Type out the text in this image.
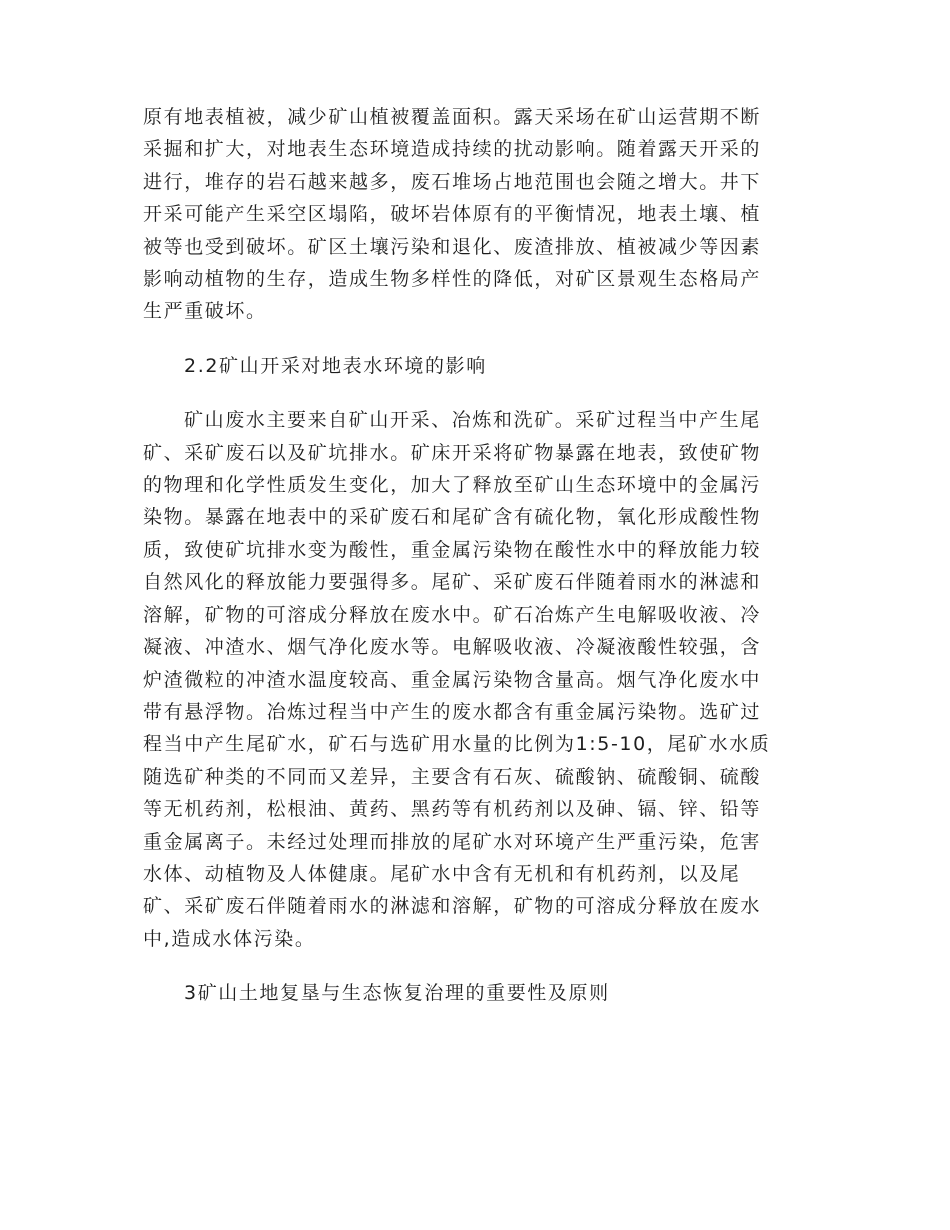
原有地表植被，减少矿山植被覆盖面积。露天采场在矿山运营期不断
采掘和扩大，对地表生态环境造成持续的扰动影响。随着露天开采的
进行，堆存的岩石越来越多，废石堆场占地范围也会随之增大。井下
开采可能产生采空区塌陷，破坏岩体原有的平衡情况，地表土壤、植
被等也受到破坏。矿区土壤污染和退化、废渣排放、植被减少等因素
影响动植物的生存，造成生物多样性的降低，对矿区景观生态格局产
生严重破坏。

2.2矿山开采对地表水环境的影响

矿山废水主要来自矿山开采、冶炼和洗矿。采矿过程当中产生尾
矿、采矿废石以及矿坑排水。矿床开采将矿物暴露在地表，致使矿物
的物理和化学性质发生变化，加大了释放至矿山生态环境中的金属污
染物。暴露在地表中的采矿废石和尾矿含有硫化物，氧化形成酸性物
质，致使矿坑排水变为酸性，重金属污染物在酸性水中的释放能力较
自然风化的释放能力要强得多。尾矿、采矿废石伴随着雨水的淋滤和
溶解，矿物的可溶成分释放在废水中。矿石冶炼产生电解吸收液、冷
凝液、冲渣水、烟气净化废水等。电解吸收液、冷凝液酸性较强，含
炉渣微粒的冲渣水温度较高、重金属污染物含量高。烟气净化废水中
带有悬浮物。冶炼过程当中产生的废水都含有重金属污染物。选矿过
程当中产生尾矿水，矿石与选矿用水量的比例为1:5-10，尾矿水水质
随选矿种类的不同而又差异，主要含有石灰、硫酸钠、硫酸铜、硫酸
等无机药剂，松根油、黄药、黑药等有机药剂以及砷、镉、锌、铅等
重金属离子。未经过处理而排放的尾矿水对环境产生严重污染，危害
水体、动植物及人体健康。尾矿水中含有无机和有机药剂，以及尾
矿、采矿废石伴随着雨水的淋滤和溶解，矿物的可溶成分释放在废水
中,造成水体污染。

3矿山土地复垦与生态恢复治理的重要性及原则
